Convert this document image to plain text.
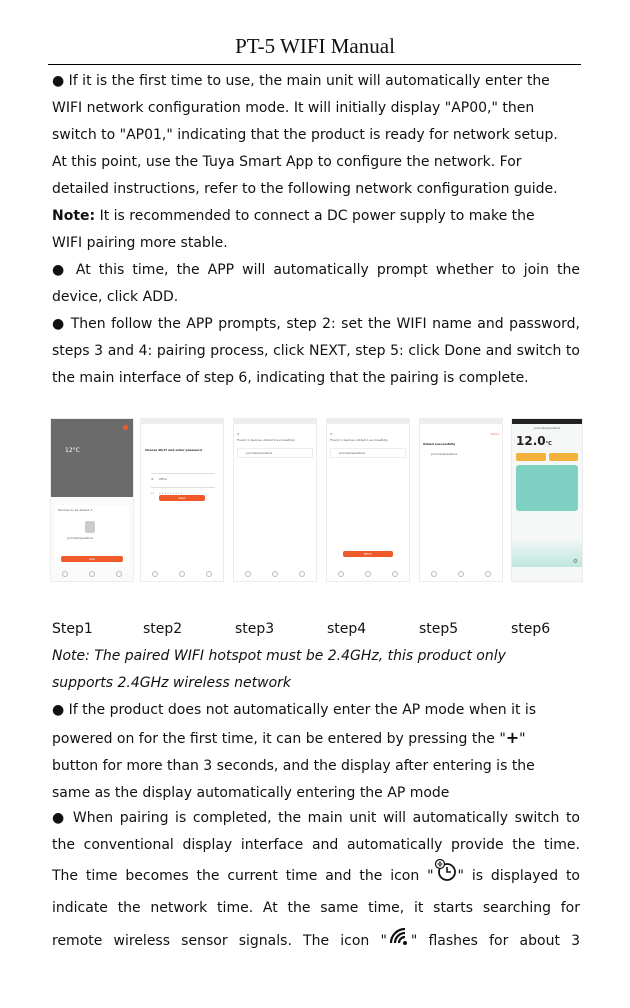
PT-5 WIFI Manual
● If it is the first time to use, the main unit will automatically enter the
WIFI network configuration mode. It will initially display "AP00," then
switch to "AP01," indicating that the product is ready for network setup.
At this point, use the Tuya Smart App to configure the network. For
detailed instructions, refer to the following network configuration guide.
Note: It is recommended to connect a DC power supply to make the
WIFI pairing more stable.
● At this time, the APP will automatically prompt whether to join the
device, click ADD.
● Then follow the APP prompts, step 2: set the WIFI name and password,
steps 3 and 4: pairing process, click NEXT, step 5: click Done and switch to
the main interface of step 6, indicating that the pairing is complete.
12°C
Devices to be added: 1
pool temperature
Add
Choose Wi-Fi and enter password
≋ office
▢ • • • • • • • • •
Next
✕
Found 1 devices. Added 0 successfully
pool temperature
✕
Found 1 devices. Added 1 successfully
pool temperature
NEXT
Done
Added successfully
pool temperature
pool temperature
12.0°C
⚙
Step1	step2	step3	step4	step5	step6
Note: The paired WIFI hotspot must be 2.4GHz, this product only
supports 2.4GHz wireless network
● If the product does not automatically enter the AP mode when it is
powered on for the first time, it can be entered by pressing the "+"
button for more than 3 seconds, and the display after entering is the
same as the display automatically entering the AP mode
● When pairing is completed, the main unit will automatically switch to
the conventional display interface and automatically provide the time.
The time becomes the current time and the icon " " is displayed to
indicate the network time. At the same time, it starts searching for
remote wireless sensor signals. The icon " " flashes for about 3
